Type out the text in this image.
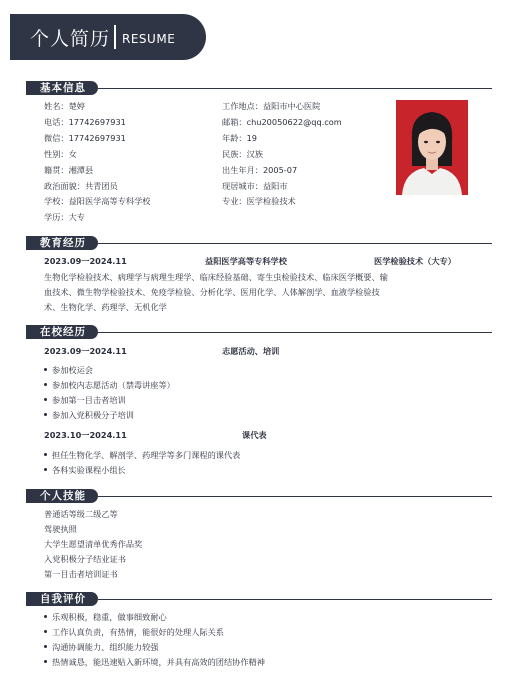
个人简历 RESUME
基本信息
姓名：楚婷
电话：17742697931
微信：17742697931
性别：女
籍贯：湘潭县
政治面貌：共青团员
学校：益阳医学高等专科学校
学历：大专
工作地点：益阳市中心医院
邮箱：chu20050622@qq.com
年龄：19
民族：汉族
出生年月：2005-07
现居城市：益阳市
专业：医学检验技术
教育经历
2023.09一2024.11	益阳医学高等专科学校	医学检验技术（大专）
生物化学检验技术、病理学与病理生理学、临床经验基础、寄生虫检验技术、临床医学概要、输
血技术、微生物学检验技术、免疫学检验、分析化学、医用化学、人体解剖学、血液学检验技
术、生物化学、药理学、无机化学
在校经历
2023.09一2024.11	志愿活动、培训
参加校运会
参加校内志愿活动（禁毒讲座等）
参加第一目击者培训
参加入党积极分子培训
2023.10一2024.11	课代表
担任生物化学、解剖学、药理学等多门课程的课代表
各科实验课程小组长
个人技能
普通话等级二级乙等
驾驶执照
大学生愿望清单优秀作品奖
入党积极分子结业证书
第一目击者培训证书
自我评价
乐观积极，稳重，做事细致耐心
工作认真负责，有热情，能很好的处理人际关系
沟通协调能力、组织能力较强
热情诚恳，能迅速贴入新环境，并具有高效的团结协作精神
